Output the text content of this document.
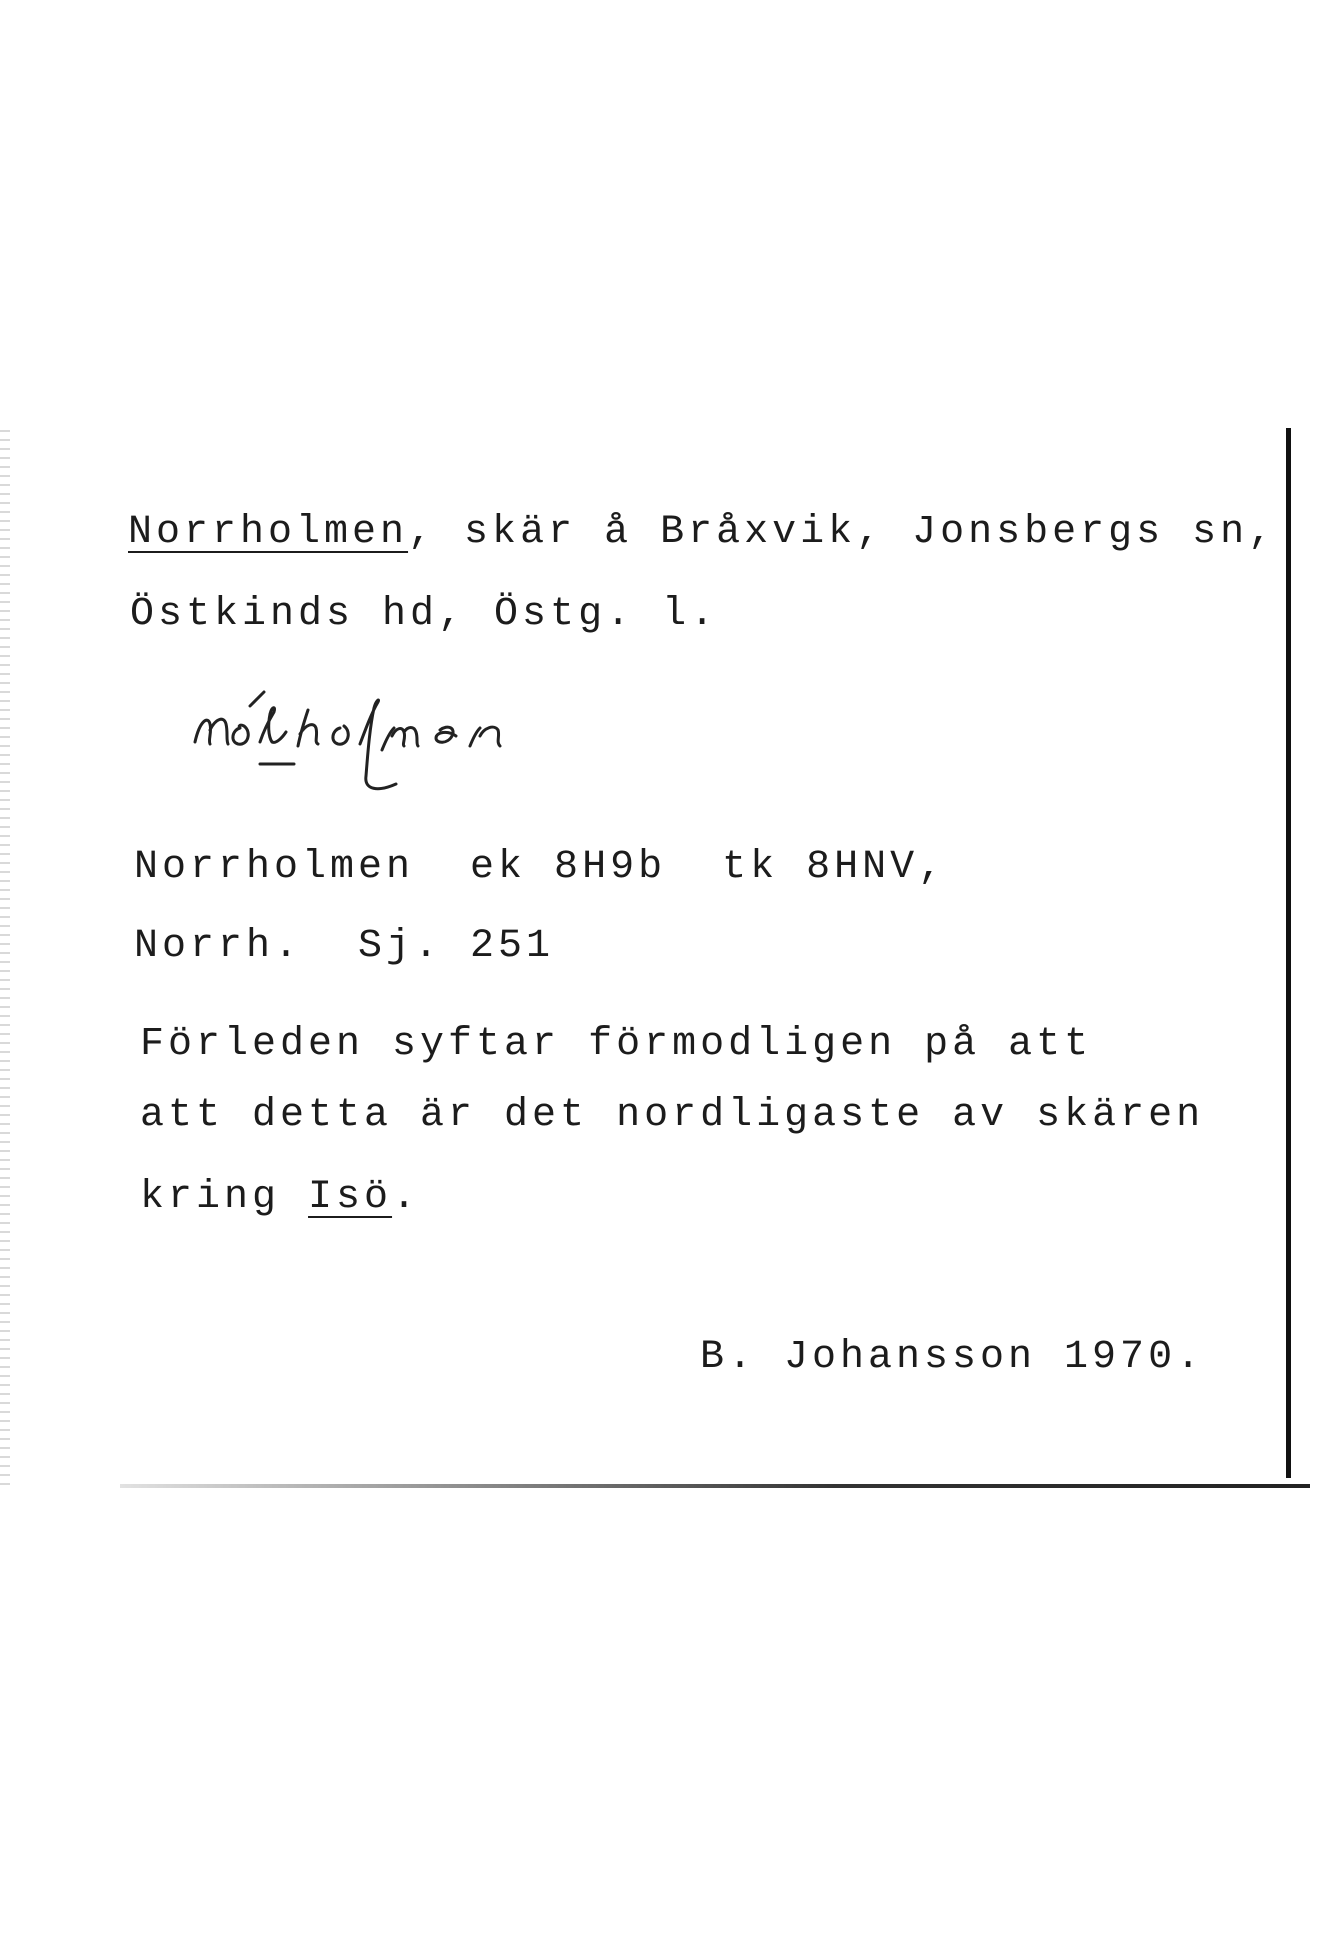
Norrholmen, skär å Bråxvik, Jonsbergs sn,
Östkinds hd, Östg. l.
Norrholmen  ek 8H9b  tk 8HNV,
Norrh.  Sj. 251
Förleden syftar förmodligen på att
att detta är det nordligaste av skären
kring Isö.
B. Johansson 1970.
